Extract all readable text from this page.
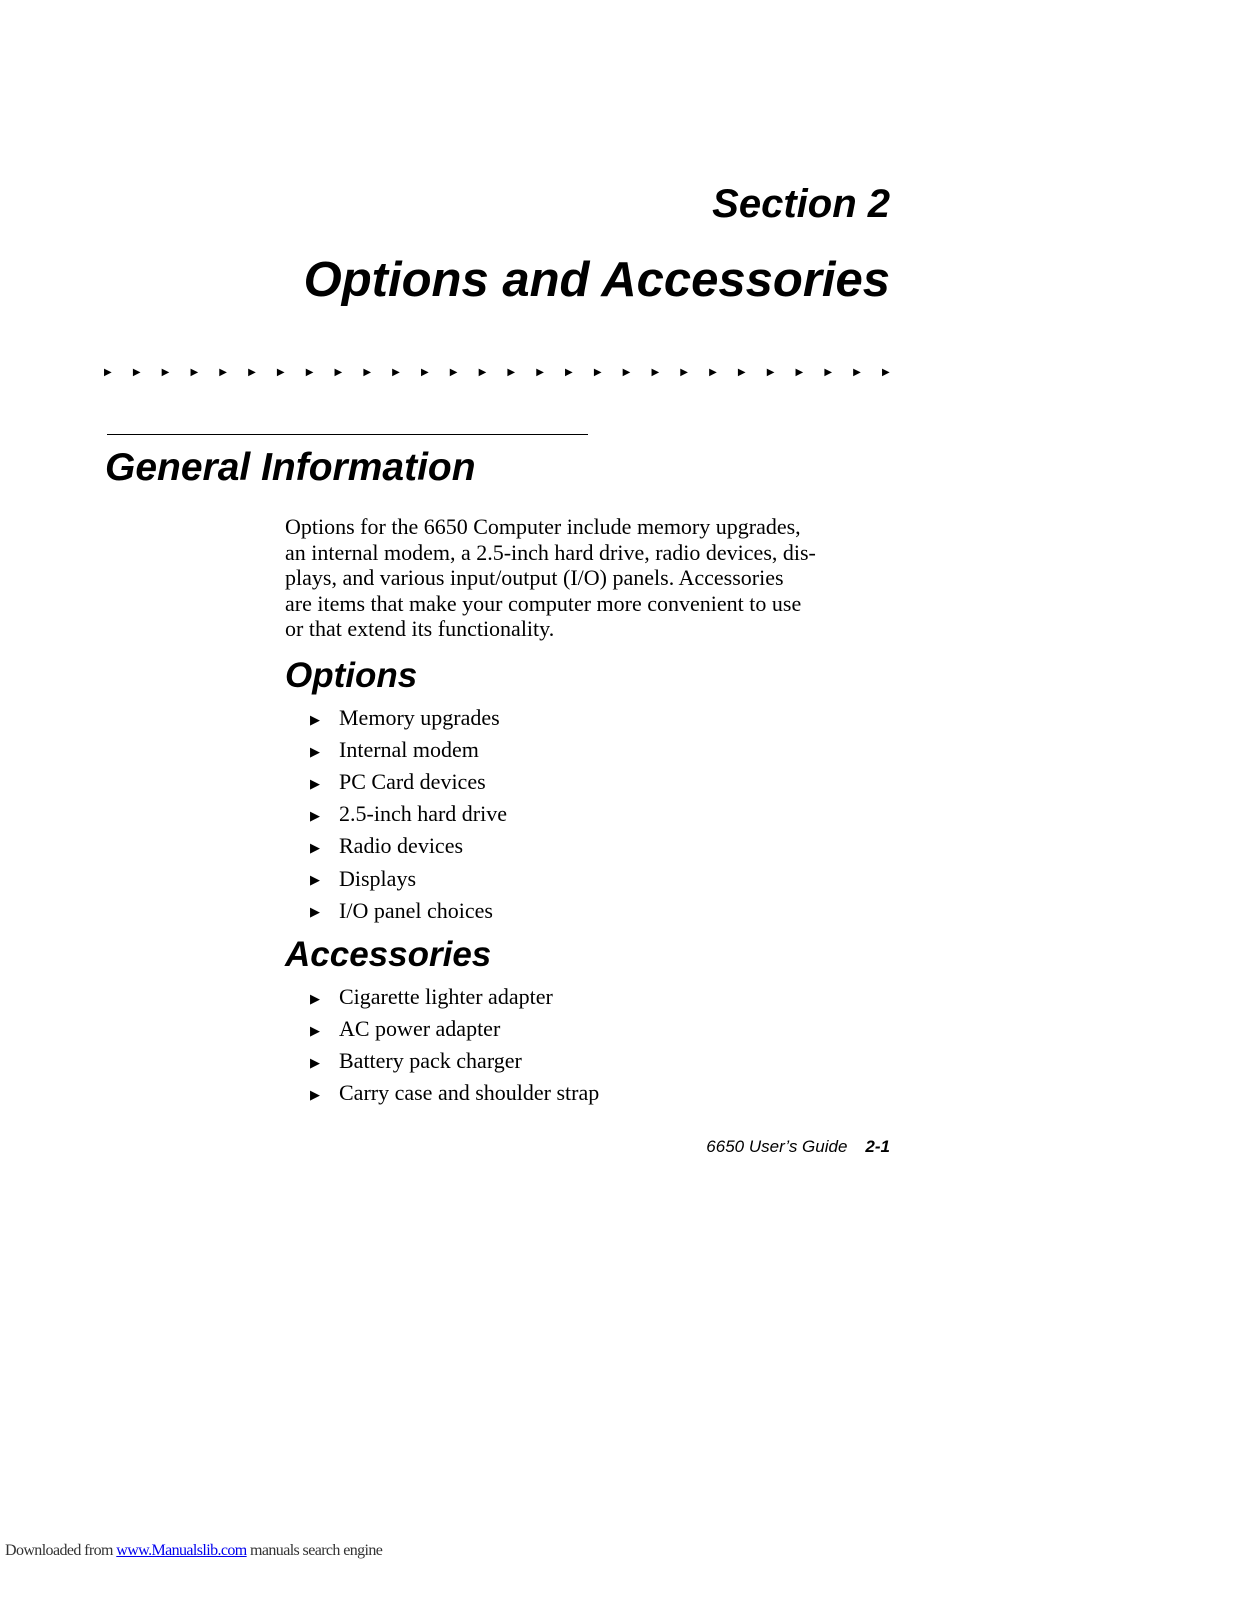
Section 2
Options and Accessories
▶ ▶ ▶ ▶ ▶ ▶ ▶ ▶ ▶ ▶ ▶ ▶ ▶ ▶ ▶ ▶ ▶ ▶ ▶ ▶ ▶ ▶ ▶ ▶ ▶ ▶ ▶ ▶
General Information

Options for the 6650 Computer include memory upgrades,
an internal modem, a 2.5-inch hard drive, radio devices, dis-
plays, and various input/output (I/O) panels. Accessories
are items that make your computer more convenient to use
or that extend its functionality.

Options
▶ Memory upgrades
▶ Internal modem
▶ PC Card devices
▶ 2.5-inch hard drive
▶ Radio devices
▶ Displays
▶ I/O panel choices
Accessories
▶ Cigarette lighter adapter
▶ AC power adapter
▶ Battery pack charger
▶ Carry case and shoulder strap
6650 User’s Guide 2-1
Downloaded from www.Manualslib.com manuals search engine
